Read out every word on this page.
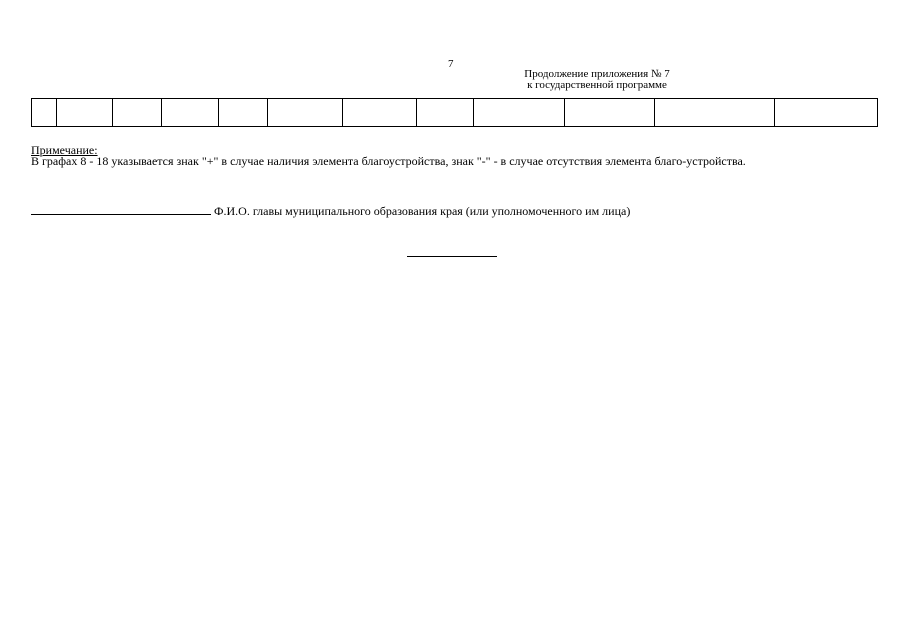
7
Продолжение приложения № 7
к государственной программе

Примечание:
В графах 8 - 18 указывается знак "+" в случае наличия элемента благоустройства, знак "-" - в случае отсутствия элемента благо-устройства.
Ф.И.О. главы муниципального образования края (или уполномоченного им лица)
